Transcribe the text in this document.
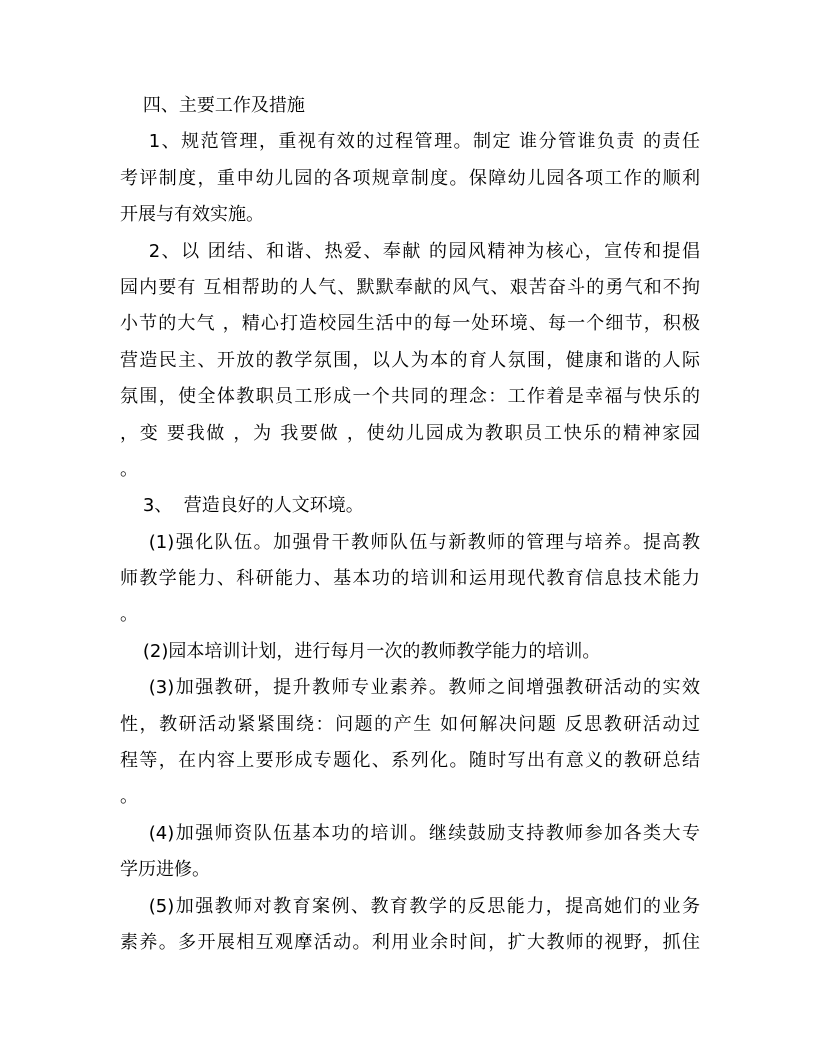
四、主要工作及措施

1、规范管理，重视有效的过程管理。制定 谁分管谁负责 的责任

考评制度，重申幼儿园的各项规章制度。保障幼儿园各项工作的顺利

开展与有效实施。

2、以 团结、和谐、热爱、奉献 的园风精神为核心，宣传和提倡

园内要有 互相帮助的人气、默默奉献的风气、艰苦奋斗的勇气和不拘

小节的大气 ，精心打造校园生活中的每一处环境、每一个细节，积极

营造民主、开放的教学氛围，以人为本的育人氛围，健康和谐的人际

氛围，使全体教职员工形成一个共同的理念：工作着是幸福与快乐的

，变 要我做 ，为 我要做 ，使幼儿园成为教职员工快乐的精神家园

。

3、  营造良好的人文环境。

(1)强化队伍。加强骨干教师队伍与新教师的管理与培养。提高教

师教学能力、科研能力、基本功的培训和运用现代教育信息技术能力

。

(2)园本培训计划，进行每月一次的教师教学能力的培训。

(3)加强教研，提升教师专业素养。教师之间增强教研活动的实效

性，教研活动紧紧围绕：问题的产生 如何解决问题 反思教研活动过

程等，在内容上要形成专题化、系列化。随时写出有意义的教研总结

。

(4)加强师资队伍基本功的培训。继续鼓励支持教师参加各类大专

学历进修。

(5)加强教师对教育案例、教育教学的反思能力，提高她们的业务

素养。多开展相互观摩活动。利用业余时间，扩大教师的视野，抓住
